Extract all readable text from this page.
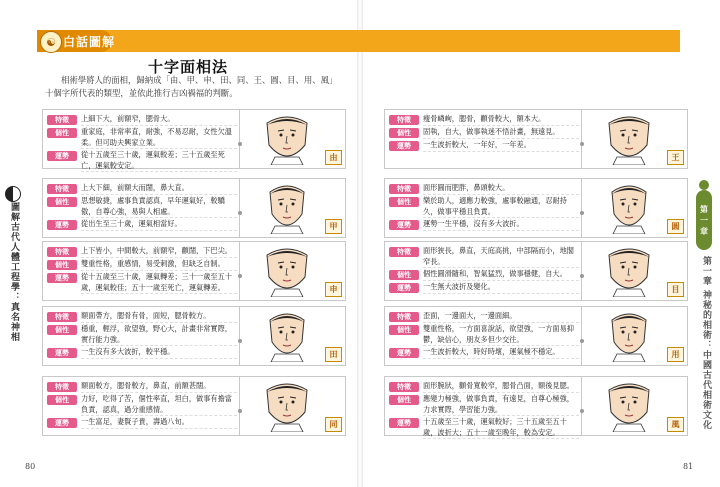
☯ 白話圖解
十字面相法
相術學將人的面相，歸納成「由、甲、申、田、同、王、圓、目、用、風」十個字所代表的類型，並依此推行吉凶禍福的判斷。
圖解古代人體工程學：真名神相	第
一
章
第一章 神秘的相術：中國古代相術文化
80	81
特徵	上細下大，前額窄，腮骨大。
個性	重家庭，非常率直，耐強，不易忍耐，女性欠溫柔。但可助夫興家立業。
運勢	從十五歲至三十歲，運氣較差；三十五歲至死亡，運氣較安定。
由
特徵	上大下細，前額大而闊，鼻大直。
個性	思想敏捷，處事負責認真，早年運氣好，較驕傲，自尊心強，易與人相處。
運勢	從出生至三十歲，運氣相當好。	甲
特徵	上下皆小，中間較大，前額窄，顴闊，下巴尖。
個性	雙重性格，重感情，易受刺激，但缺乏自制。
運勢	從十五歲至三十歲，運氣轉差；三十一歲至五十歲，運氣較佳；五十一歲至死亡，運氣轉差。	申
特徵	額面帶方，腮骨有骨，面短，腮骨較方。
個性	穩重，輕浮，欲望強，野心大，計畫非常實際，實行能力強。
運勢	一生沒有多大波折，較平穩。	田
特徵	額面較方，腮骨較方，鼻直，前額甚闊。
個性	力好，吃得了苦，個性率直，坦白，做事有擔當負責，認真，過分重感情。
運勢	一生富足，妻賢子貴，壽過八旬。	同
特徵	瘦骨嶙峋，腮骨，顴骨較大，額本大。
個性	固執，自大，做事執迷不悟計畫，無遠見。
運勢	一生波折較大，一年好，一年差。
王
特徵	面形圓而肥胖，鼻頭較大。
個性	樂於助人，適應力較強，處事較融通，忍耐持久，做事平穩且負責。
運勢	運勢一生平穩，沒有多大波折。	圓
特徵	面形狹長，鼻直，天庭高挑，中部隔而小，地閣窄長。
個性	個性圓滑隨和，智氣猛烈，做事穩健，自大。
運勢	一生無大波折及變化。	目
特徵	歪面，一邊面大，一邊面細。
個性	雙重性格，一方面喜說話，欲望強，一方面易抑鬱，缺信心，朋友多但少交往。
運勢	一生波折較大，時好時壞，運氣極不穩定。	用
特徵	面形腕狀，顴骨寬較窄，腮骨凸面，額後見腮。
個性	應變力極強，做事負責，有遠見，自尊心極強，力求實際，學習能力強。
運勢	十五歲至三十歲，運氣較好；三十五歲至五十歲，波折大；五十一歲至晚年，較為安定。
風
